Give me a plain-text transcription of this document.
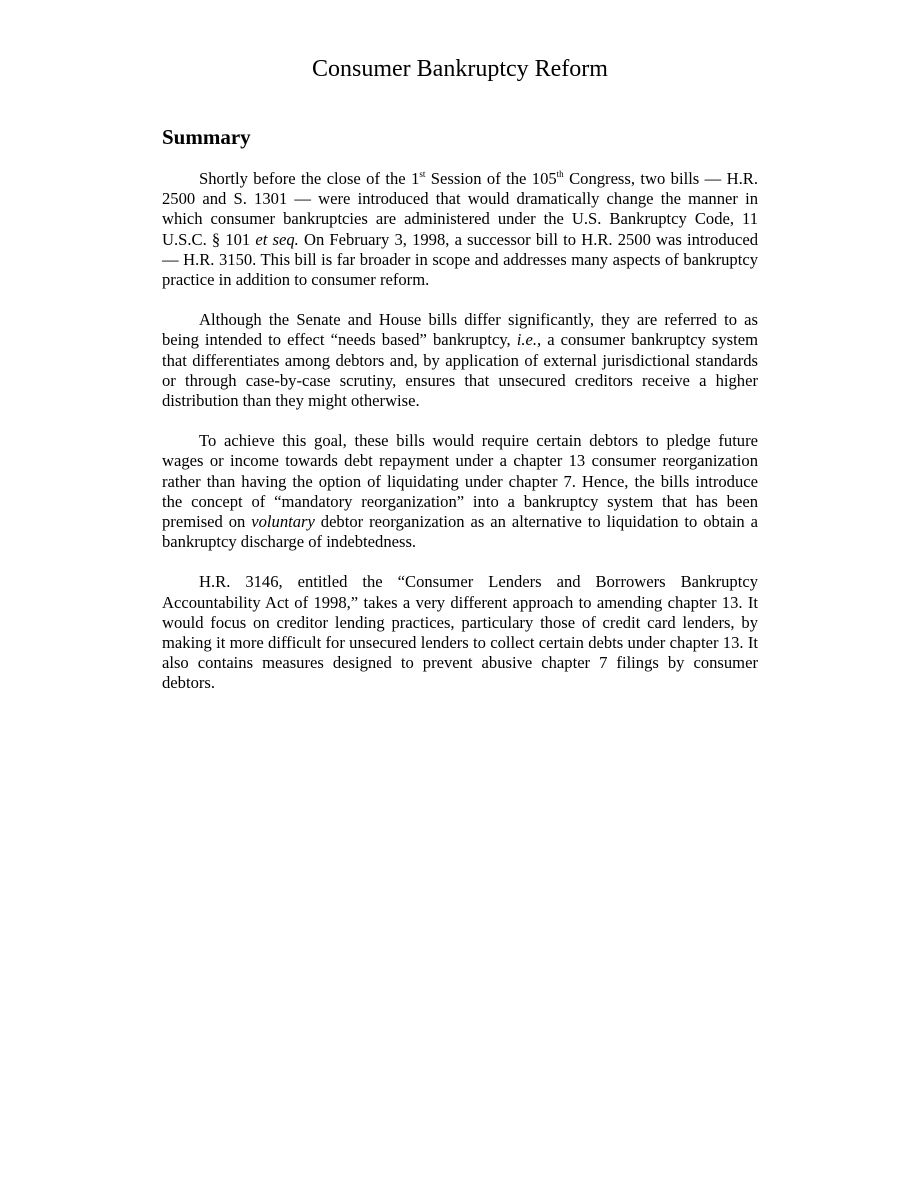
Consumer Bankruptcy Reform
Summary

Shortly before the close of the 1st Session of the 105th Congress, two bills — H.R. 2500 and S. 1301 — were introduced that would dramatically change the manner in which consumer bankruptcies are administered under the U.S. Bankruptcy Code, 11 U.S.C. § 101 et seq. On February 3, 1998, a successor bill to H.R. 2500 was introduced — H.R. 3150. This bill is far broader in scope and addresses many aspects of bankruptcy practice in addition to consumer reform.

Although the Senate and House bills differ significantly, they are referred to as being intended to effect “needs based” bankruptcy, i.e., a consumer bankruptcy system that differentiates among debtors and, by application of external jurisdictional standards or through case-by-case scrutiny, ensures that unsecured creditors receive a higher distribution than they might otherwise.

To achieve this goal, these bills would require certain debtors to pledge future wages or income towards debt repayment under a chapter 13 consumer reorganization rather than having the option of liquidating under chapter 7. Hence, the bills introduce the concept of “mandatory reorganization” into a bankruptcy system that has been premised on voluntary debtor reorganization as an alternative to liquidation to obtain a bankruptcy discharge of indebtedness.

H.R. 3146, entitled the “Consumer Lenders and Borrowers Bankruptcy Accountability Act of 1998,” takes a very different approach to amending chapter 13. It would focus on creditor lending practices, particulary those of credit card lenders, by making it more difficult for unsecured lenders to collect certain debts under chapter 13. It also contains measures designed to prevent abusive chapter 7 filings by consumer debtors.
